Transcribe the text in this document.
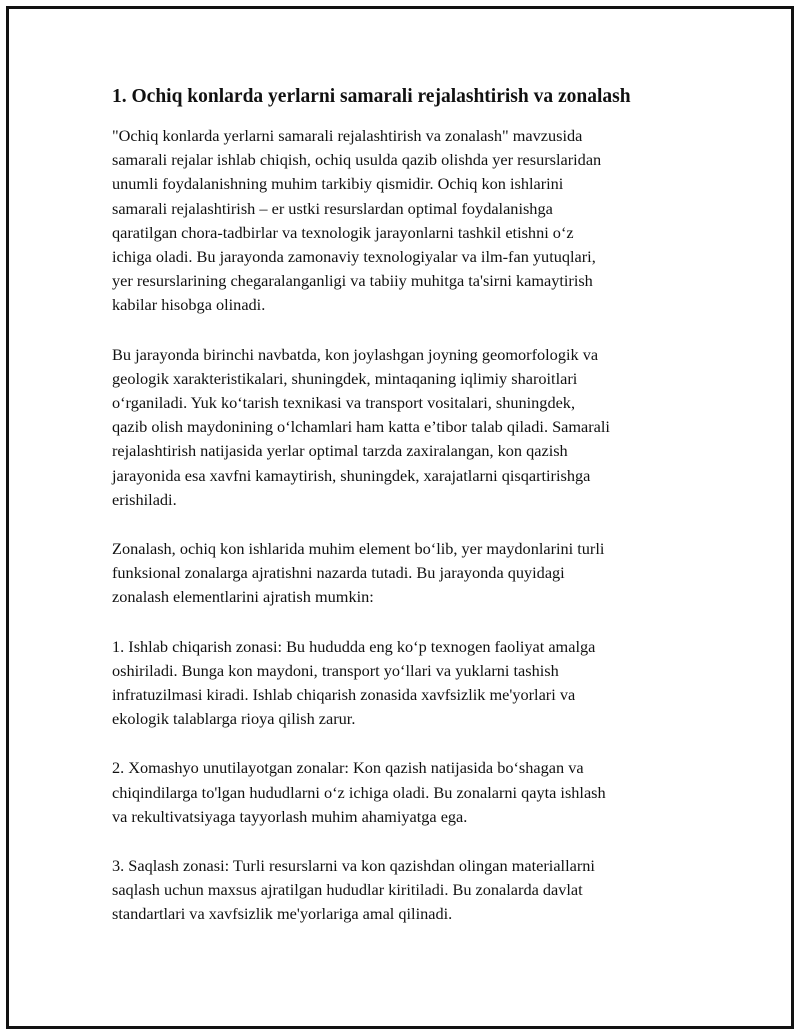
1. Ochiq konlarda yerlarni samarali rejalashtirish va zonalash

"Ochiq konlarda yerlarni samarali rejalashtirish va zonalash" mavzusida
samarali rejalar ishlab chiqish, ochiq usulda qazib olishda yer resurslaridan
unumli foydalanishning muhim tarkibiy qismidir. Ochiq kon ishlarini
samarali rejalashtirish – er ustki resurslardan optimal foydalanishga
qaratilgan chora-tadbirlar va texnologik jarayonlarni tashkil etishni o‘z
ichiga oladi. Bu jarayonda zamonaviy texnologiyalar va ilm-fan yutuqlari,
yer resurslarining chegaralanganligi va tabiiy muhitga ta'sirni kamaytirish
kabilar hisobga olinadi.

Bu jarayonda birinchi navbatda, kon joylashgan joyning geomorfologik va
geologik xarakteristikalari, shuningdek, mintaqaning iqlimiy sharoitlari
o‘rganiladi. Yuk ko‘tarish texnikasi va transport vositalari, shuningdek,
qazib olish maydonining o‘lchamlari ham katta e’tibor talab qiladi. Samarali
rejalashtirish natijasida yerlar optimal tarzda zaxiralangan, kon qazish
jarayonida esa xavfni kamaytirish, shuningdek, xarajatlarni qisqartirishga
erishiladi.

Zonalash, ochiq kon ishlarida muhim element bo‘lib, yer maydonlarini turli
funksional zonalarga ajratishni nazarda tutadi. Bu jarayonda quyidagi
zonalash elementlarini ajratish mumkin:

1. Ishlab chiqarish zonasi: Bu hududda eng ko‘p texnogen faoliyat amalga
oshiriladi. Bunga kon maydoni, transport yo‘llari va yuklarni tashish
infratuzilmasi kiradi. Ishlab chiqarish zonasida xavfsizlik me'yorlari va
ekologik talablarga rioya qilish zarur.

2. Xomashyo unutilayotgan zonalar: Kon qazish natijasida bo‘shagan va
chiqindilarga to'lgan hududlarni o‘z ichiga oladi. Bu zonalarni qayta ishlash
va rekultivatsiyaga tayyorlash muhim ahamiyatga ega.

3. Saqlash zonasi: Turli resurslarni va kon qazishdan olingan materiallarni
saqlash uchun maxsus ajratilgan hududlar kiritiladi. Bu zonalarda davlat
standartlari va xavfsizlik me'yorlariga amal qilinadi.
